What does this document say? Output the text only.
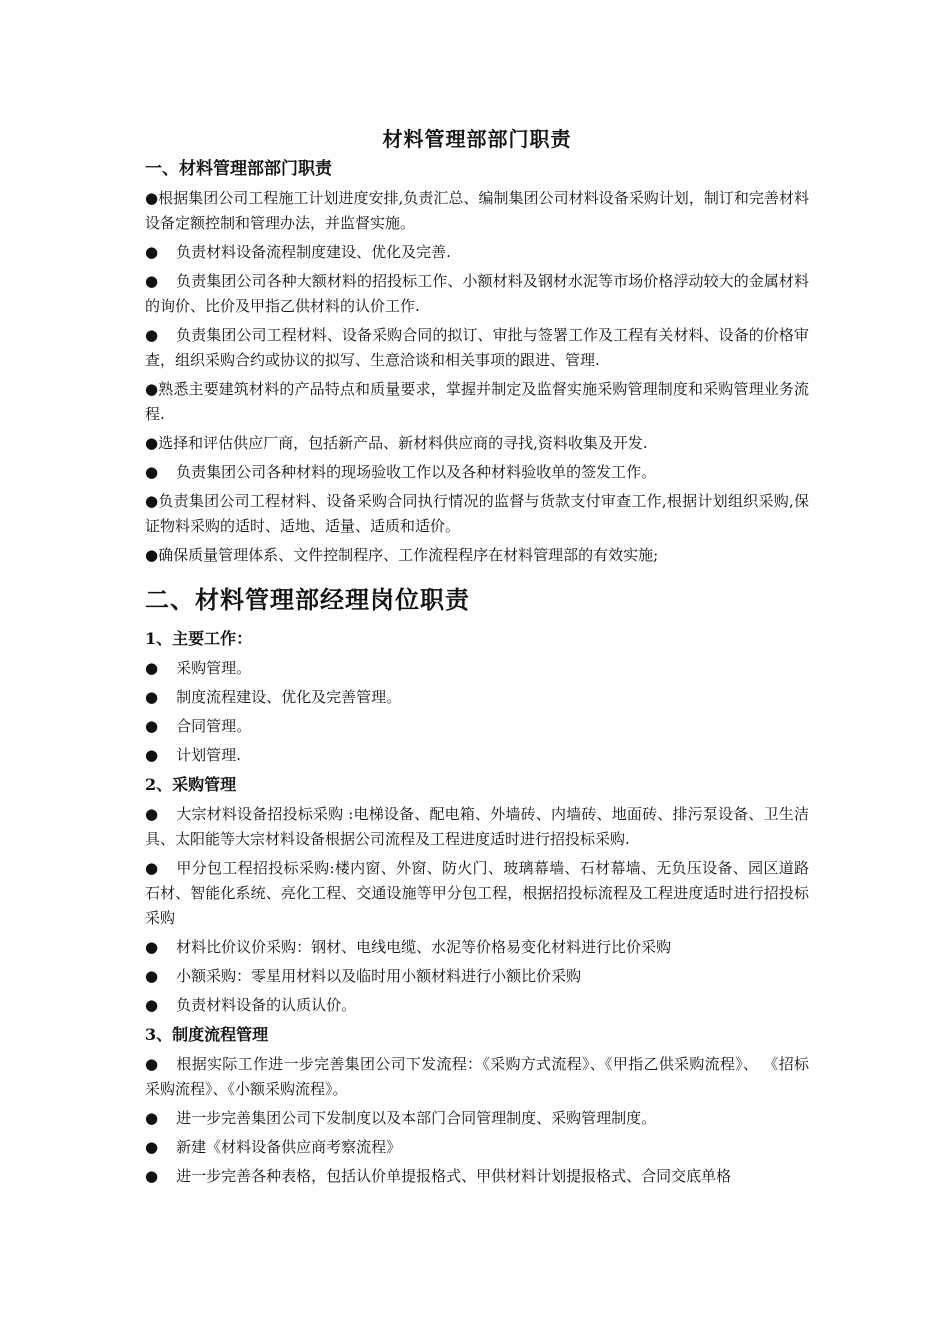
材料管理部部门职责
一、材料管理部部门职责

●根据集团公司工程施工计划进度安排,负责汇总、编制集团公司材料设备采购计划，制订和完善材料设备定额控制和管理办法，并监督实施。

● 负责材料设备流程制度建设、优化及完善.

● 负责集团公司各种大额材料的招投标工作、小额材料及钢材水泥等市场价格浮动较大的金属材料的询价、比价及甲指乙供材料的认价工作.

● 负责集团公司工程材料、设备采购合同的拟订、审批与签署工作及工程有关材料、设备的价格审查，组织采购合约或协议的拟写、生意洽谈和相关事项的跟进、管理.

●熟悉主要建筑材料的产品特点和质量要求，掌握并制定及监督实施采购管理制度和采购管理业务流程.

●选择和评估供应厂商，包括新产品、新材料供应商的寻找,资料收集及开发.

● 负责集团公司各种材料的现场验收工作以及各种材料验收单的签发工作。

●负责集团公司工程材料、设备采购合同执行情况的监督与货款支付审查工作,根据计划组织采购,保证物料采购的适时、适地、适量、适质和适价。

●确保质量管理体系、文件控制程序、工作流程程序在材料管理部的有效实施;

二、材料管理部经理岗位职责
1、主要工作：

● 采购管理。

● 制度流程建设、优化及完善管理。

● 合同管理。

● 计划管理.

2、采购管理

● 大宗材料设备招投标采购 :电梯设备、配电箱、外墙砖、内墙砖、地面砖、排污泵设备、卫生洁具、太阳能等大宗材料设备根据公司流程及工程进度适时进行招投标采购.

● 甲分包工程招投标采购:楼内窗、外窗、防火门、玻璃幕墙、石材幕墙、无负压设备、园区道路石材、智能化系统、亮化工程、交通设施等甲分包工程，根据招投标流程及工程进度适时进行招投标采购

● 材料比价议价采购：钢材、电线电缆、水泥等价格易变化材料进行比价采购

● 小额采购：零星用材料以及临时用小额材料进行小额比价采购

● 负责材料设备的认质认价。

3、制度流程管理

● 根据实际工作进一步完善集团公司下发流程：《采购方式流程》、《甲指乙供采购流程》、 《招标采购流程》、《小额采购流程》。

● 进一步完善集团公司下发制度以及本部门合同管理制度、采购管理制度。

● 新建《材料设备供应商考察流程》

● 进一步完善各种表格，包括认价单提报格式、甲供材料计划提报格式、合同交底单格
